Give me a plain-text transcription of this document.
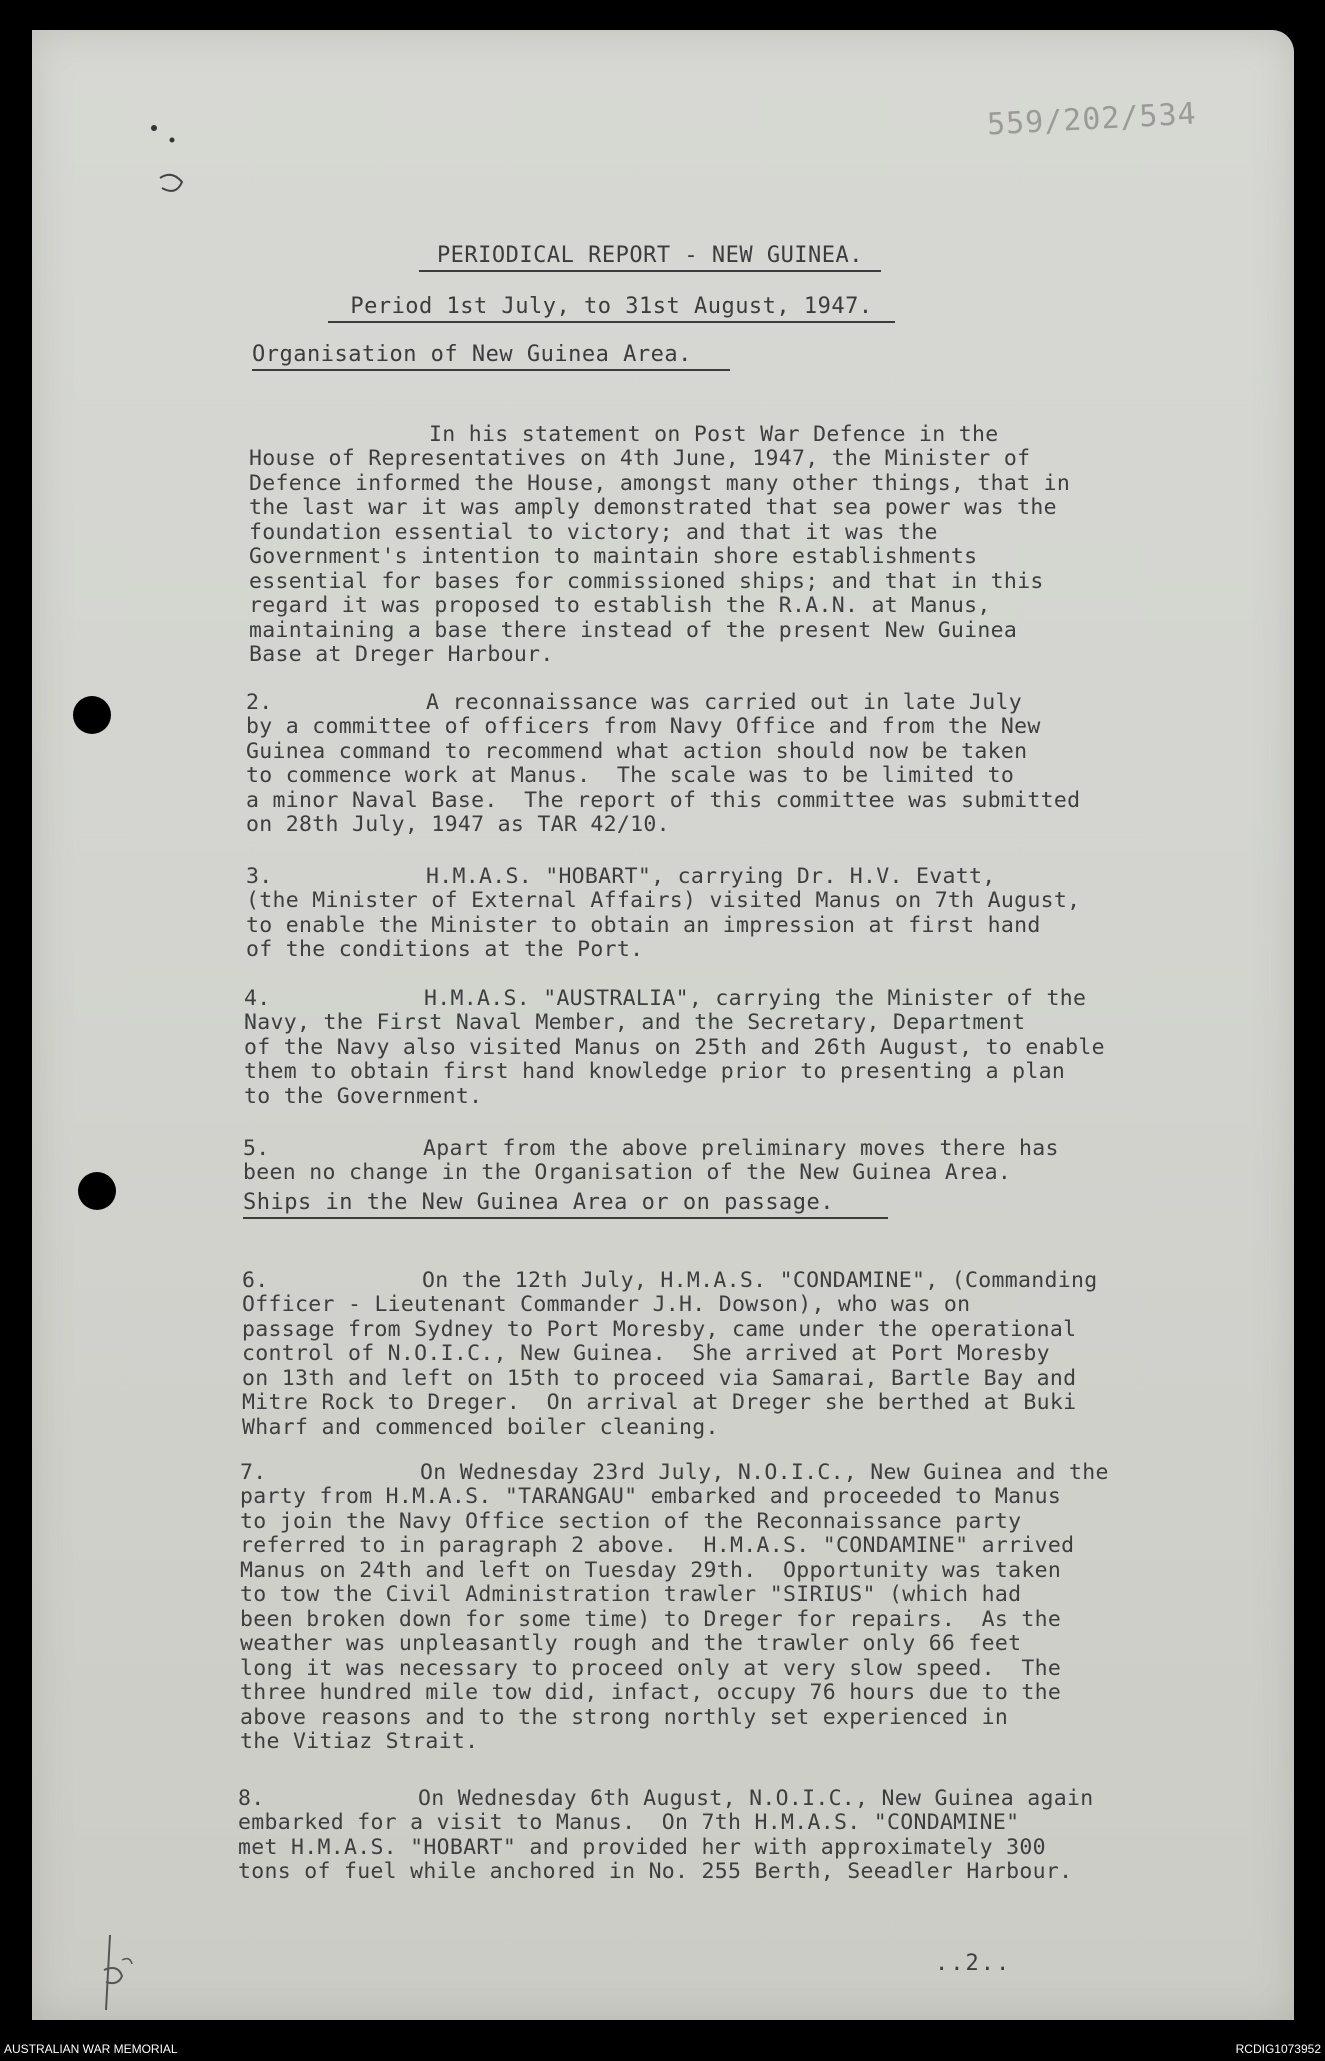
559/202/534
PERIODICAL REPORT - NEW GUINEA.
Period 1st July, to 31st August, 1947.
Organisation of New Guinea Area.

In his statement on Post War Defence in the
House of Representatives on 4th June, 1947, the Minister of
Defence informed the House, amongst many other things, that in
the last war it was amply demonstrated that sea power was the
foundation essential to victory; and that it was the
Government's intention to maintain shore establishments
essential for bases for commissioned ships; and that in this
regard it was proposed to establish the R.A.N. at Manus,
maintaining a base there instead of the present New Guinea
Base at Dreger Harbour.

2.	A reconnaissance was carried out in late July
by a committee of officers from Navy Office and from the New
Guinea command to recommend what action should now be taken
to commence work at Manus.  The scale was to be limited to
a minor Naval Base.  The report of this committee was submitted
on 28th July, 1947 as TAR 42/10.

3.	H.M.A.S. "HOBART", carrying Dr. H.V. Evatt,
(the Minister of External Affairs) visited Manus on 7th August,
to enable the Minister to obtain an impression at first hand
of the conditions at the Port.

4.	H.M.A.S. "AUSTRALIA", carrying the Minister of the
Navy, the First Naval Member, and the Secretary, Department
of the Navy also visited Manus on 25th and 26th August, to enable
them to obtain first hand knowledge prior to presenting a plan
to the Government.

5.	Apart from the above preliminary moves there has
been no change in the Organisation of the New Guinea Area.

Ships in the New Guinea Area or on passage.

6.	On the 12th July, H.M.A.S. "CONDAMINE", (Commanding
Officer - Lieutenant Commander J.H. Dowson), who was on
passage from Sydney to Port Moresby, came under the operational
control of N.O.I.C., New Guinea.  She arrived at Port Moresby
on 13th and left on 15th to proceed via Samarai, Bartle Bay and
Mitre Rock to Dreger.  On arrival at Dreger she berthed at Buki
Wharf and commenced boiler cleaning.

7.	On Wednesday 23rd July, N.O.I.C., New Guinea and the
party from H.M.A.S. "TARANGAU" embarked and proceeded to Manus
to join the Navy Office section of the Reconnaissance party
referred to in paragraph 2 above.  H.M.A.S. "CONDAMINE" arrived
Manus on 24th and left on Tuesday 29th.  Opportunity was taken
to tow the Civil Administration trawler "SIRIUS" (which had
been broken down for some time) to Dreger for repairs.  As the
weather was unpleasantly rough and the trawler only 66 feet
long it was necessary to proceed only at very slow speed.  The
three hundred mile tow did, infact, occupy 76 hours due to the
above reasons and to the strong northly set experienced in
the Vitiaz Strait.

8.	On Wednesday 6th August, N.O.I.C., New Guinea again
embarked for a visit to Manus.  On 7th H.M.A.S. "CONDAMINE"
met H.M.A.S. "HOBART" and provided her with approximately 300
tons of fuel while anchored in No. 255 Berth, Seeadler Harbour.

..2..
AUSTRALIAN WAR MEMORIAL	RCDIG1073952
